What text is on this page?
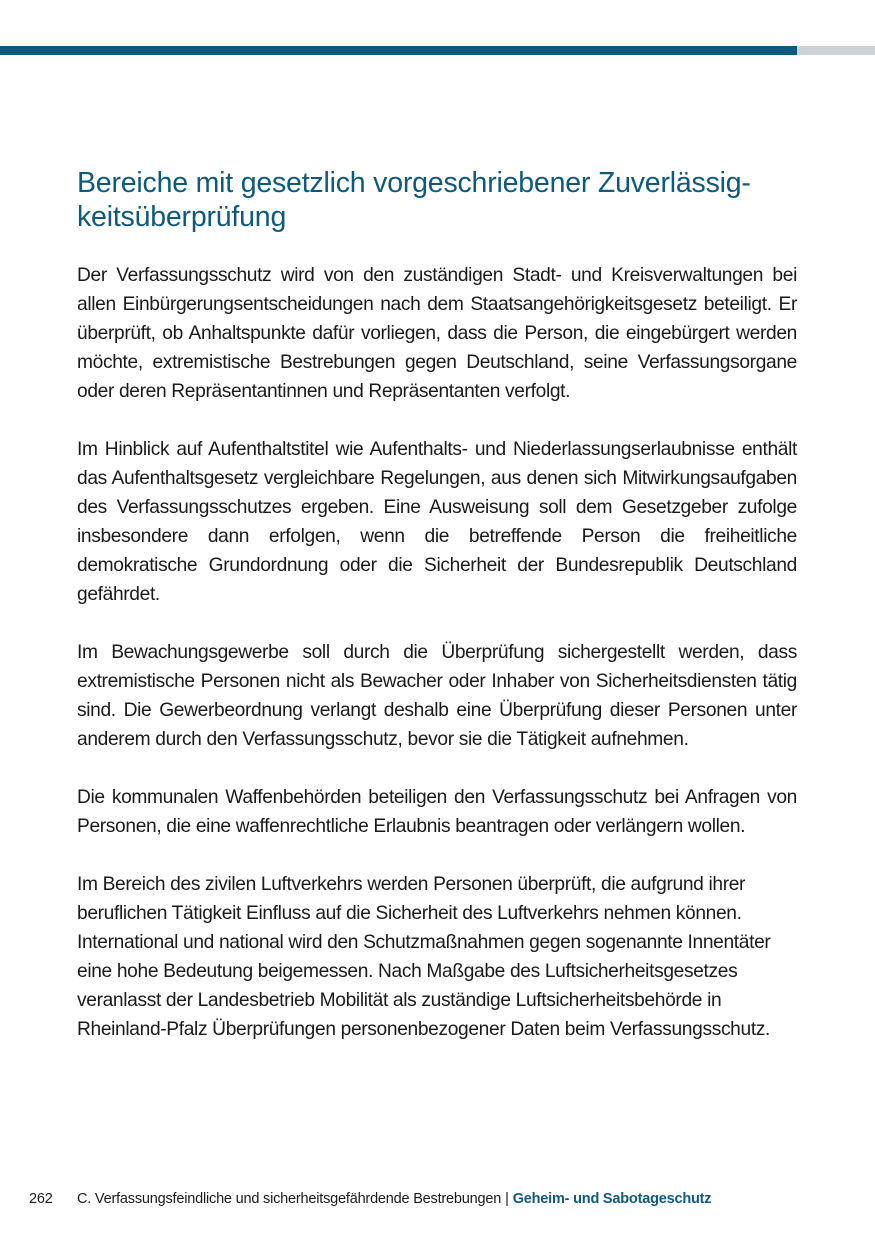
Bereiche mit gesetzlich vorgeschriebener Zuverlässig-keitsüberprüfung

Der Verfassungsschutz wird von den zuständigen Stadt- und Kreisverwaltungen bei allen Einbürgerungsentscheidungen nach dem Staatsangehörigkeitsgesetz beteiligt. Er überprüft, ob Anhaltspunkte dafür vorliegen, dass die Person, die eingebürgert werden möchte, extremistische Bestrebungen gegen Deutschland, seine Verfassungsorgane oder deren Repräsentantinnen und Repräsentanten verfolgt.

Im Hinblick auf Aufenthaltstitel wie Aufenthalts- und Niederlassungserlaubnisse enthält das Aufenthaltsgesetz vergleichbare Regelungen, aus denen sich Mitwirkungsaufgaben des Verfassungsschutzes ergeben. Eine Ausweisung soll dem Gesetzgeber zufolge insbesondere dann erfolgen, wenn die betreffende Person die freiheitliche demokratische Grundordnung oder die Sicherheit der Bundesrepublik Deutschland gefährdet.

Im Bewachungsgewerbe soll durch die Überprüfung sichergestellt werden, dass extremistische Personen nicht als Bewacher oder Inhaber von Sicherheitsdiensten tätig sind. Die Gewerbeordnung verlangt deshalb eine Überprüfung dieser Personen unter anderem durch den Verfassungsschutz, bevor sie die Tätigkeit aufnehmen.

Die kommunalen Waffenbehörden beteiligen den Verfassungsschutz bei Anfragen von Personen, die eine waffenrechtliche Erlaubnis beantragen oder verlängern wollen.

Im Bereich des zivilen Luftverkehrs werden Personen überprüft, die aufgrund ihrer beruflichen Tätigkeit Einfluss auf die Sicherheit des Luftverkehrs nehmen können. International und national wird den Schutzmaßnahmen gegen sogenannte Innentäter eine hohe Bedeutung beigemessen. Nach Maßgabe des Luftsicherheitsgesetzes veranlasst der Landesbetrieb Mobilität als zuständige Luftsicherheitsbehörde in Rheinland-Pfalz Überprüfungen personenbezogener Daten beim Verfassungsschutz.

262 C. Verfassungsfeindliche und sicherheitsgefährdende Bestrebungen | Geheim- und Sabotageschutz
